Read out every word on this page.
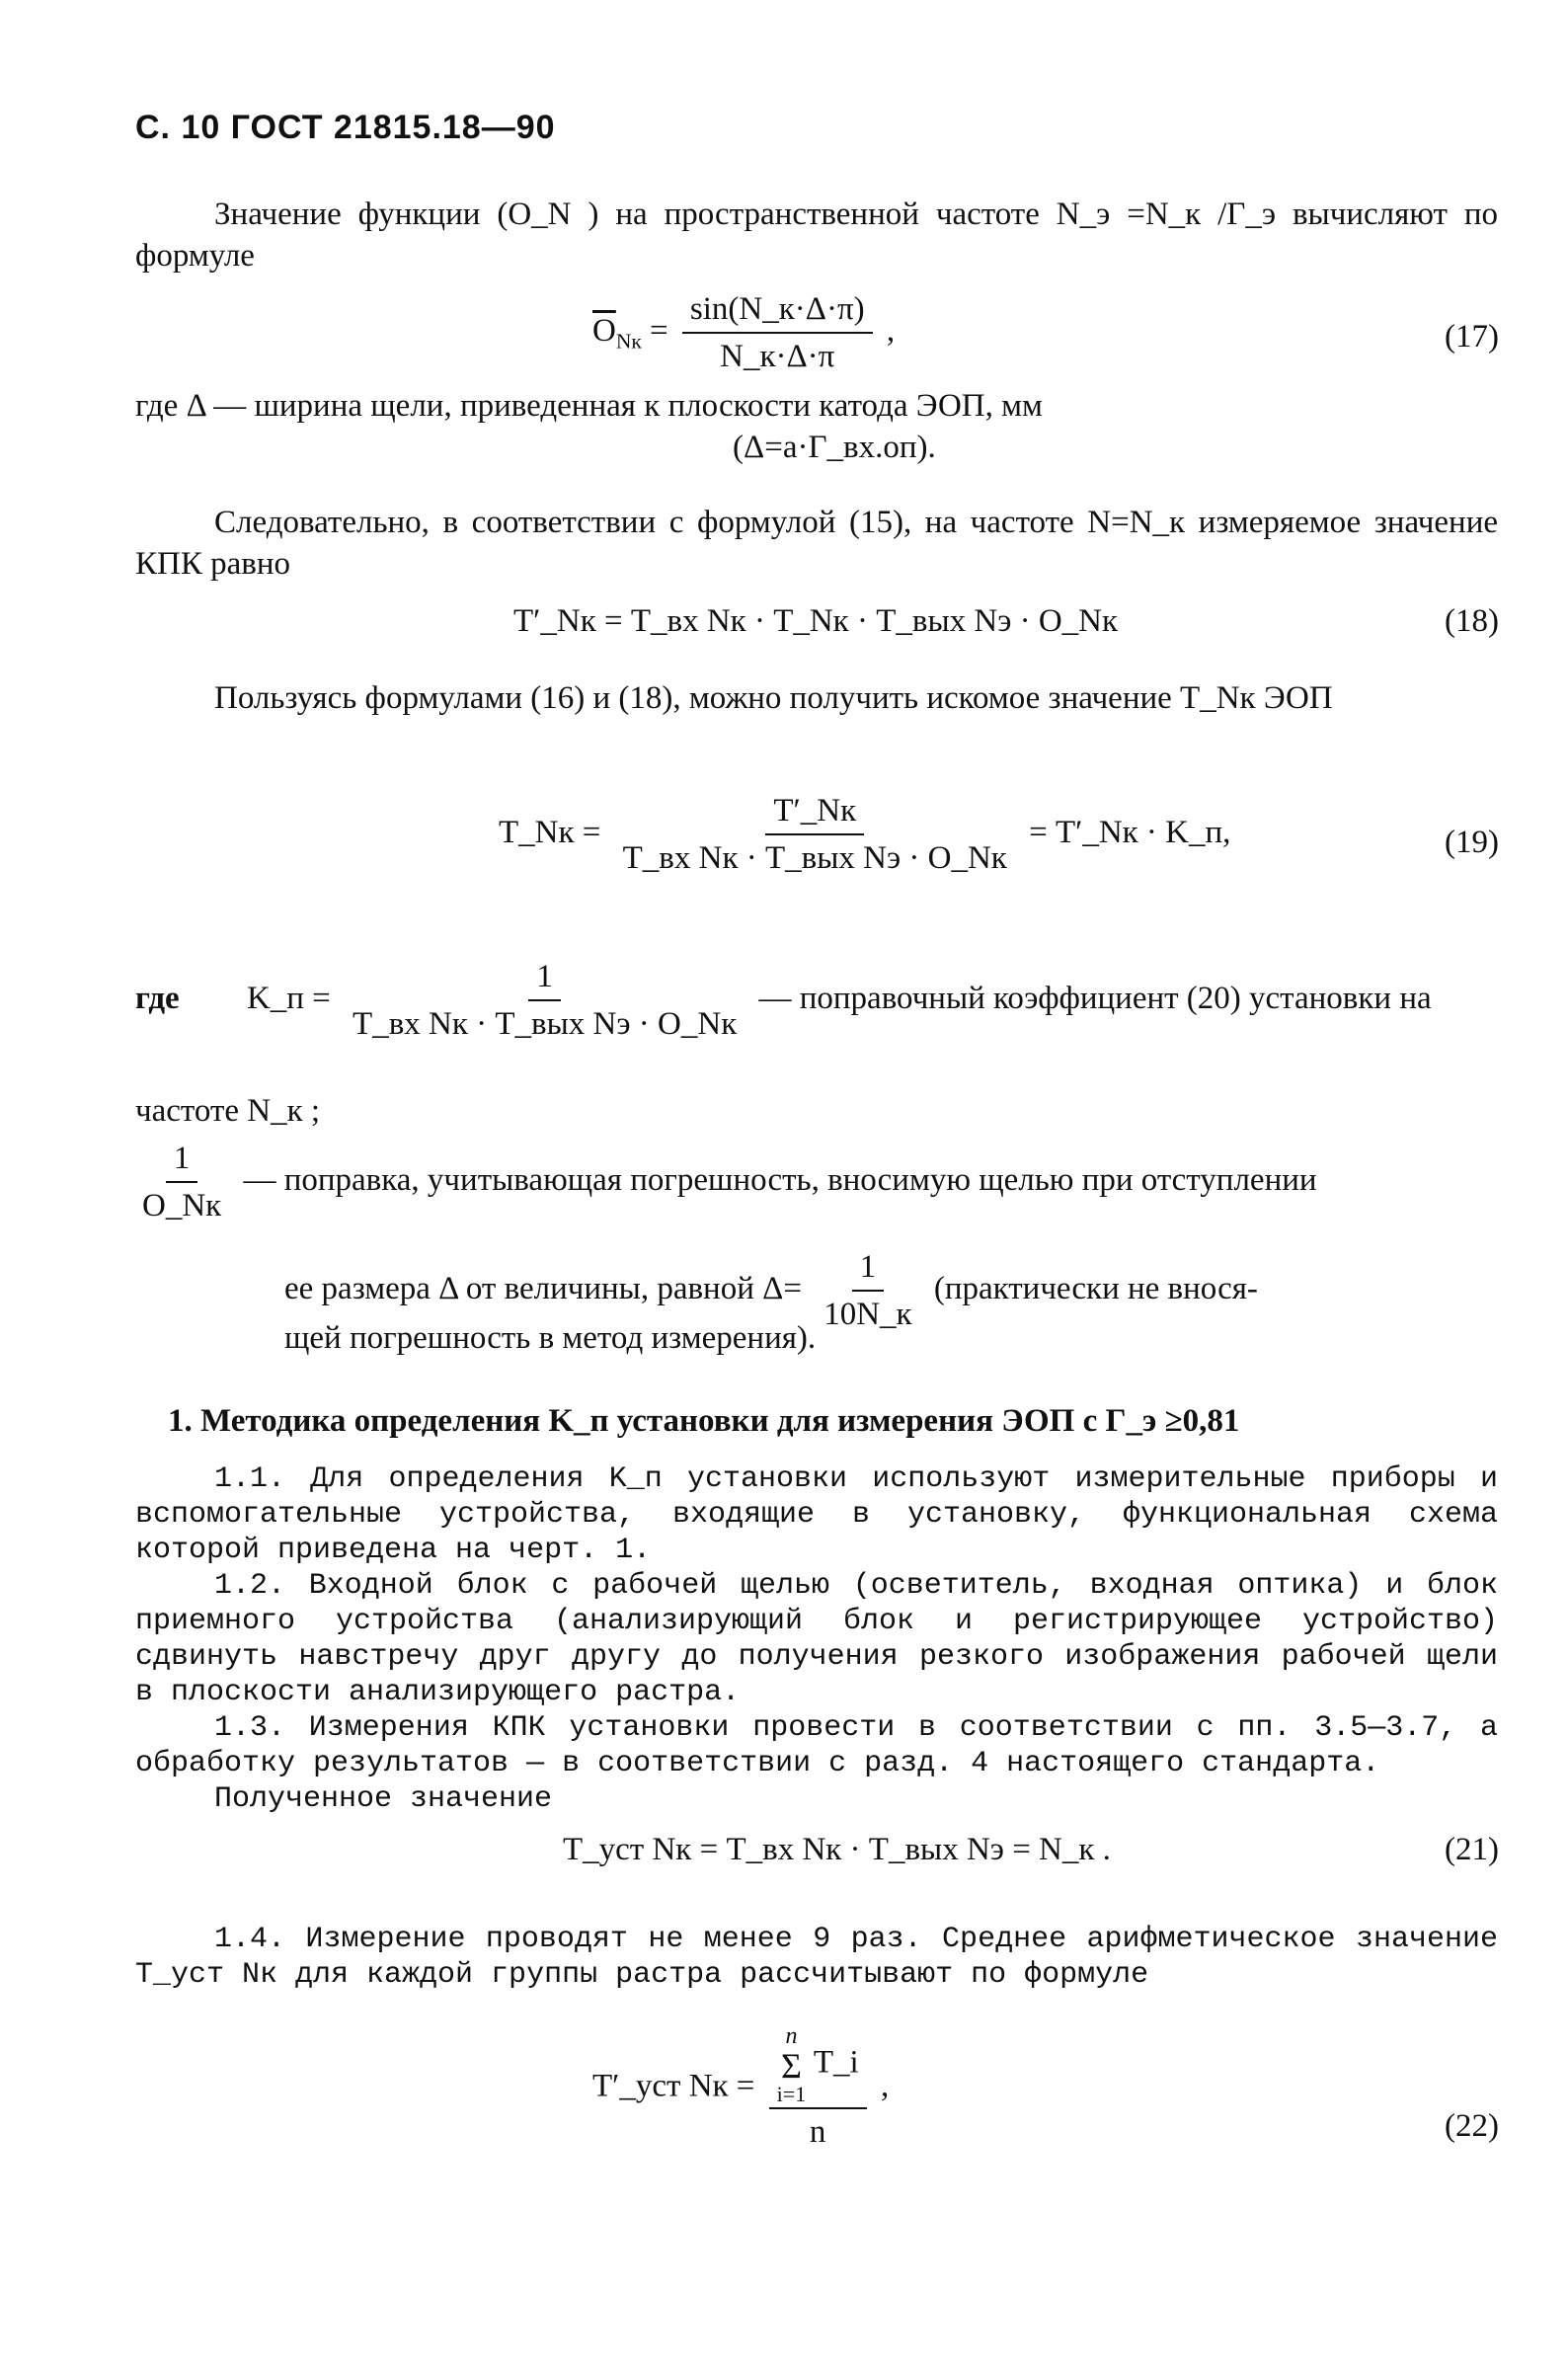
С. 10 ГОСТ 21815.18—90

Значение функции (O_N ) на пространственной частоте N_э =N_к /Г_э вычисляют по формуле

$\overline{O}_{Nк} = \frac{\sin(N\_к\cdot\Delta\cdot\pi)}{N\_к\cdot\Delta\cdot\pi}$ ,	(17)
где Δ — ширина щели, приведенная к плоскости катода ЭОП, мм
(Δ=a·Г_вх.оп).

Следовательно, в соответствии с формулой (15), на частоте N=N_к измеряемое значение КПК равно

T′_Nк = T_вх Nк · T_Nк · T_вых Nэ · O_Nк	(18)

Пользуясь формулами (16) и (18), можно получить искомое значение T_Nк ЭОП

T_Nк = $\frac{T'\_Nк}{\text{T\_вх Nк · T\_вых Nэ · O\_Nк}}$ = T′_Nк · K_п,	(19)
где K_п = $\frac{1}{\text{T\_вх Nк · T\_вых Nэ · O\_Nк}}$ — поправочный коэффициент (20) установки на
частоте N_к ;
$\frac{1}{O\_Nк}$ — поправка, учитывающая погрешность, вносимую щелью при отступлении
ее размера Δ от величины, равной $\Delta= \frac{1}{10N\_к}$ (практически не внося-
щей погрешность в метод измерения).
1. Методика определения K_п установки для измерения ЭОП с Г_э ≥0,81

1.1. Для определения K_п установки используют измерительные приборы и вспомогательные устройства, входящие в установку, функциональная схема которой приведена на черт. 1.

1.2. Входной блок с рабочей щелью (осветитель, входная оптика) и блок приемного устройства (анализирующий блок и регистрирующее устройство) сдвинуть навстречу друг другу до получения резкого изображения рабочей щели в плоскости анализирующего растра.

1.3. Измерения КПК установки провести в соответствии с пп. 3.5—3.7, а обработку результатов — в соответствии с разд. 4 настоящего стандарта.

Полученное значение

T_уст Nк = T_вх Nк · T_вых Nэ = N_к .	(21)

1.4. Измерение проводят не менее 9 раз. Среднее арифметическое значение T_уст Nк для каждой группы растра рассчитывают по формуле

T′_уст Nк = n
Σ
i=1
T_i
n ,
(22)
